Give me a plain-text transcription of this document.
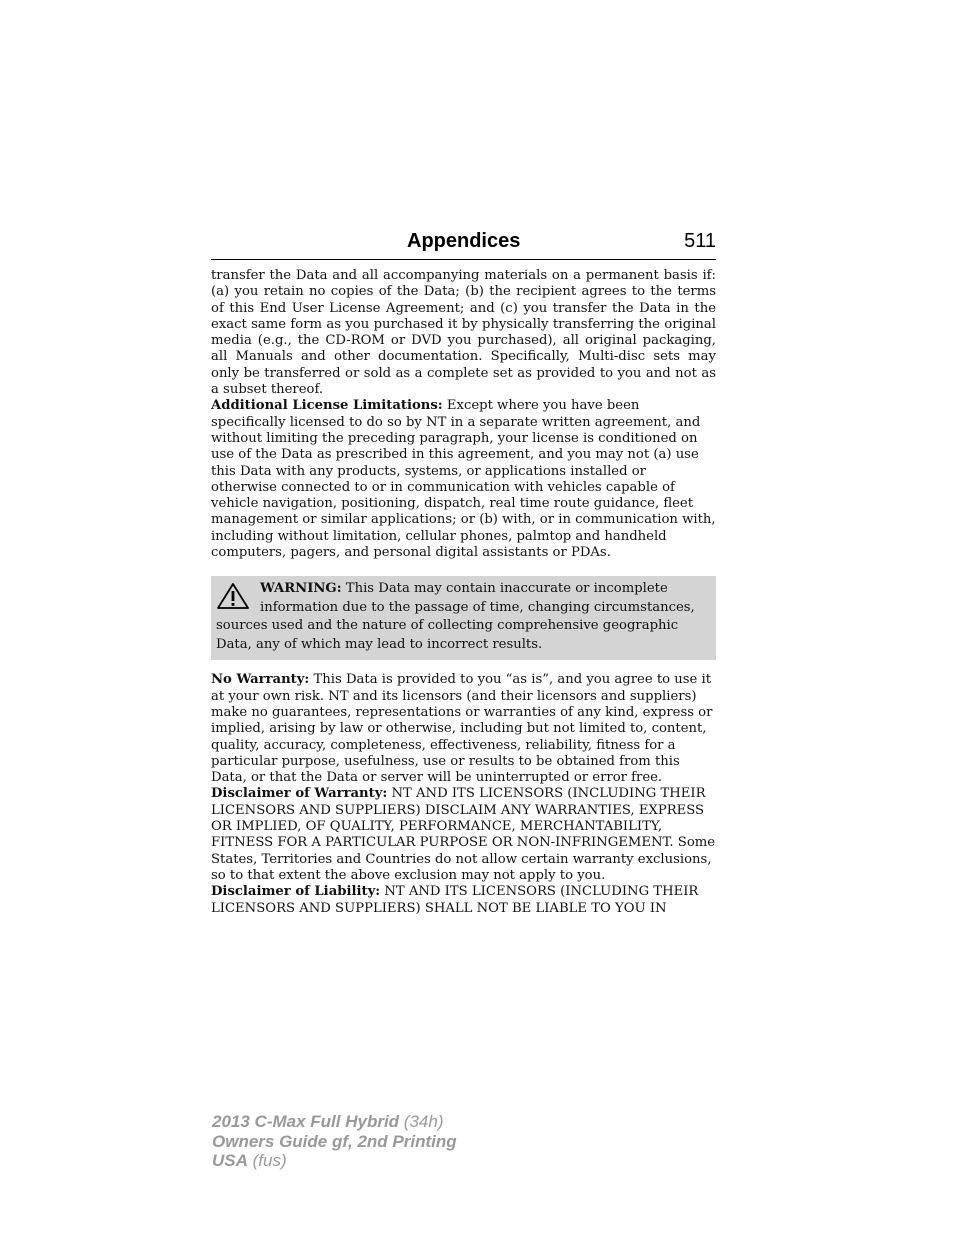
Appendices	511

transfer the Data and all accompanying materials on a permanent basis if: (a) you retain no copies of the Data; (b) the recipient agrees to the terms of this End User License Agreement; and (c) you transfer the Data in the exact same form as you purchased it by physically transferring the original media (e.g., the CD-ROM or DVD you purchased), all original packaging, all Manuals and other documentation. Specifically, Multi-disc sets may only be transferred or sold as a complete set as provided to you and not as a subset thereof.

Additional License Limitations: Except where you have been specifically licensed to do so by NT in a separate written agreement, and without limiting the preceding paragraph, your license is conditioned on use of the Data as prescribed in this agreement, and you may not (a) use this Data with any products, systems, or applications installed or otherwise connected to or in communication with vehicles capable of vehicle navigation, positioning, dispatch, real time route guidance, fleet management or similar applications; or (b) with, or in communication with, including without limitation, cellular phones, palmtop and handheld computers, pagers, and personal digital assistants or PDAs.

WARNING: This Data may contain inaccurate or incomplete information due to the passage of time, changing circumstances, sources used and the nature of collecting comprehensive geographic Data, any of which may lead to incorrect results.

No Warranty: This Data is provided to you “as is”, and you agree to use it at your own risk. NT and its licensors (and their licensors and suppliers) make no guarantees, representations or warranties of any kind, express or implied, arising by law or otherwise, including but not limited to, content, quality, accuracy, completeness, effectiveness, reliability, fitness for a particular purpose, usefulness, use or results to be obtained from this Data, or that the Data or server will be uninterrupted or error free.

Disclaimer of Warranty: NT AND ITS LICENSORS (INCLUDING THEIR LICENSORS AND SUPPLIERS) DISCLAIM ANY WARRANTIES, EXPRESS OR IMPLIED, OF QUALITY, PERFORMANCE, MERCHANTABILITY, FITNESS FOR A PARTICULAR PURPOSE OR NON-INFRINGEMENT. Some States, Territories and Countries do not allow certain warranty exclusions, so to that extent the above exclusion may not apply to you.

Disclaimer of Liability: NT AND ITS LICENSORS (INCLUDING THEIR LICENSORS AND SUPPLIERS) SHALL NOT BE LIABLE TO YOU IN

2013 C-Max Full Hybrid (34h)
Owners Guide gf, 2nd Printing
USA (fus)
